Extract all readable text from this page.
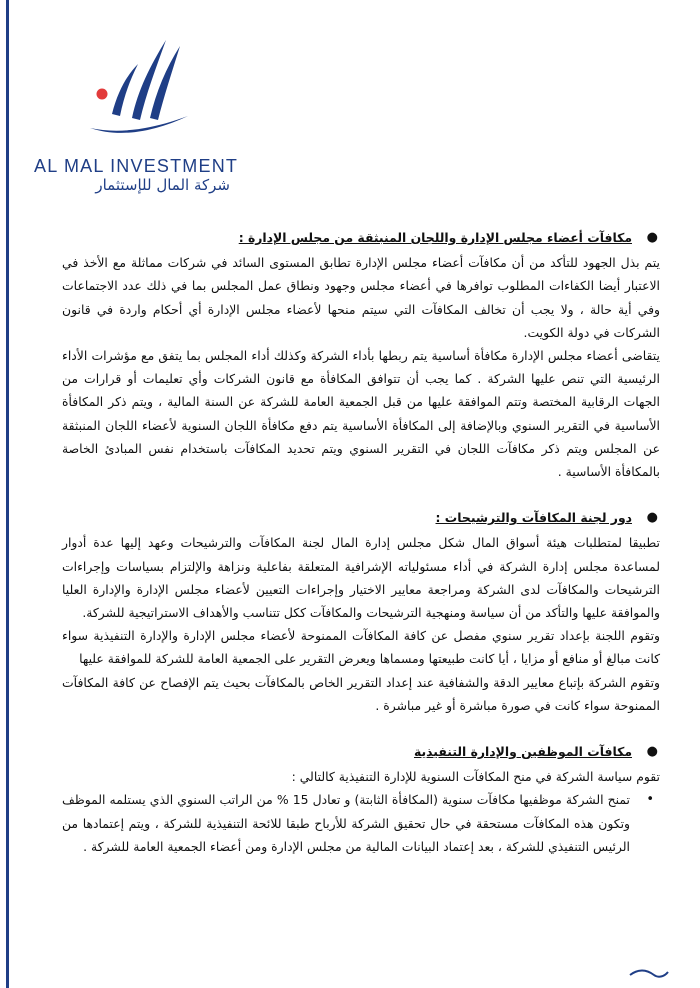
AL MAL INVESTMENT
شركة المال للإستثمار
●
مكافآت أعضاء مجلس الإدارة واللجان المنبثقة من مجلس الإدارة :

يتم بذل الجهود للتأكد من أن مكافآت أعضاء مجلس الإدارة تطابق المستوى السائد في شركات مماثلة مع الأخذ في الاعتبار أيضا الكفاءات المطلوب توافرها في أعضاء مجلس وجهود ونطاق عمل المجلس بما في ذلك عدد الاجتماعات وفي أية حالة ، ولا يجب أن تخالف المكافآت التي سيتم منحها لأعضاء مجلس الإدارة أي أحكام واردة في قانون الشركات في دولة الكويت.

يتقاضى أعضاء مجلس الإدارة مكافأة أساسية يتم ربطها بأداء الشركة وكذلك أداء المجلس بما يتفق مع مؤشرات الأداء الرئيسية التي تنص عليها الشركة . كما يجب أن تتوافق المكافأة مع قانون الشركات وأي تعليمات أو قرارات من الجهات الرقابية المختصة وتتم الموافقة عليها من قبل الجمعية العامة للشركة عن السنة المالية ، ويتم ذكر المكافأة الأساسية في التقرير السنوي وبالإضافة إلى المكافأة الأساسية يتم دفع مكافأة اللجان السنوية لأعضاء اللجان المنبثقة عن المجلس ويتم ذكر مكافآت اللجان في التقرير السنوي ويتم تحديد المكافآت باستخدام نفس المبادئ الخاصة بالمكافأة الأساسية .

●
دور لجنة المكافآت والترشيحات :

تطبيقا لمتطلبات هيئة أسواق المال شكل مجلس إدارة المال لجنة المكافآت والترشيحات وعهد إليها عدة أدوار لمساعدة مجلس إدارة الشركة في أداء مسئولياته الإشرافية المتعلقة بفاعلية ونزاهة والإلتزام بسياسات وإجراءات الترشيحات والمكافآت لدى الشركة ومراجعة معايير الاختيار وإجراءات التعيين لأعضاء مجلس الإدارة والإدارة العليا والموافقة عليها والتأكد من أن سياسة ومنهجية الترشيحات والمكافآت ككل تتناسب والأهداف الاستراتيجية للشركة.

وتقوم اللجنة بإعداد تقرير سنوي مفصل عن كافة المكافآت الممنوحة لأعضاء مجلس الإدارة والإدارة التنفيذية سواء كانت مبالغ أو منافع أو مزايا ، أيا كانت طبيعتها ومسماها ويعرض التقرير على الجمعية العامة للشركة للموافقة عليها

وتقوم الشركة بإتباع معايير الدقة والشفافية عند إعداد التقرير الخاص بالمكافآت بحيث يتم الإفصاح عن كافة المكافآت الممنوحة سواء كانت في صورة مباشرة أو غير مباشرة .

●
مكافآت الموظفين والإدارة التنفيذية

تقوم سياسة الشركة في منح المكافآت السنوية للإدارة التنفيذية كالتالي :

•
تمنح الشركة موظفيها مكافآت سنوية (المكافأة الثابتة) و تعادل 15 % من الراتب السنوي الذي يستلمه الموظف وتكون هذه المكافآت مستحقة في حال تحقيق الشركة للأرباح طبقا للائحة التنفيذية للشركة ، ويتم إعتمادها من الرئيس التنفيذي للشركة ، بعد إعتماد البيانات المالية من مجلس الإدارة ومن أعضاء الجمعية العامة للشركة .
